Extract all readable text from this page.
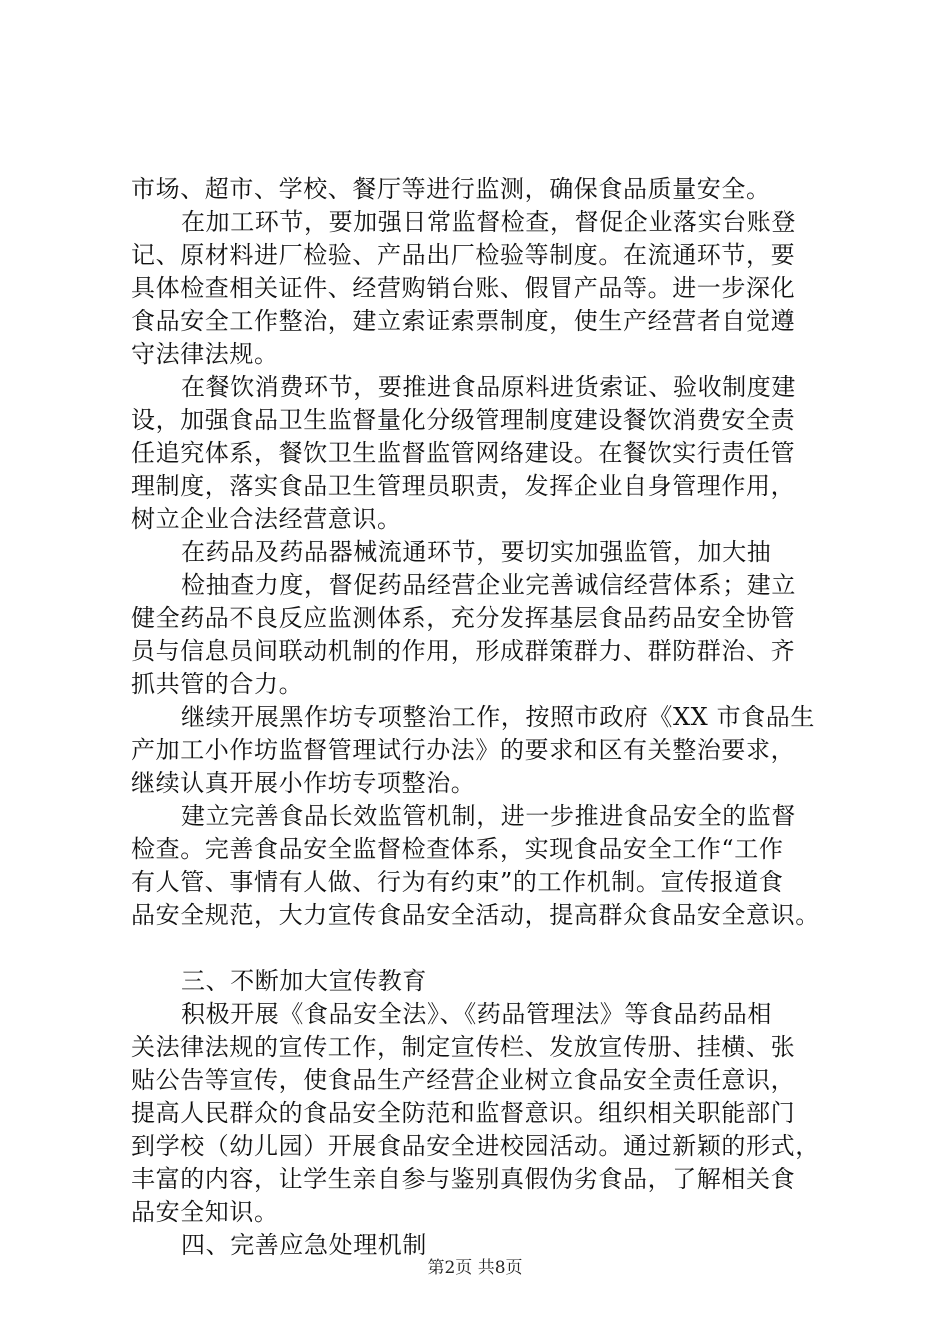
市场、超市、学校、餐厅等进行监测，确保食品质量安全。
在加工环节，要加强日常监督检查，督促企业落实台账登
记、原材料进厂检验、产品出厂检验等制度。在流通环节，要
具体检查相关证件、经营购销台账、假冒产品等。进一步深化
食品安全工作整治，建立索证索票制度，使生产经营者自觉遵
守法律法规。
在餐饮消费环节，要推进食品原料进货索证、验收制度建
设，加强食品卫生监督量化分级管理制度建设餐饮消费安全责
任追究体系，餐饮卫生监督监管网络建设。在餐饮实行责任管
理制度，落实食品卫生管理员职责，发挥企业自身管理作用，
树立企业合法经营意识。
在药品及药品器械流通环节，要切实加强监管，加大抽
检抽查力度，督促药品经营企业完善诚信经营体系；建立
健全药品不良反应监测体系，充分发挥基层食品药品安全协管
员与信息员间联动机制的作用，形成群策群力、群防群治、齐
抓共管的合力。
继续开展黑作坊专项整治工作，按照市政府《XX 市食品生
产加工小作坊监督管理试行办法》的要求和区有关整治要求，
继续认真开展小作坊专项整治。
建立完善食品长效监管机制，进一步推进食品安全的监督
检查。完善食品安全监督检查体系，实现食品安全工作“工作
有人管、事情有人做、行为有约束”的工作机制。宣传报道食
品安全规范，大力宣传食品安全活动，提高群众食品安全意识。
三、不断加大宣传教育
积极开展《食品安全法》、《药品管理法》等食品药品相
关法律法规的宣传工作，制定宣传栏、发放宣传册、挂横、张
贴公告等宣传，使食品生产经营企业树立食品安全责任意识，
提高人民群众的食品安全防范和监督意识。组织相关职能部门
到学校（幼儿园）开展食品安全进校园活动。通过新颖的形式，
丰富的内容，让学生亲自参与鉴别真假伪劣食品，了解相关食
品安全知识。
四、完善应急处理机制
第2页 共8页
